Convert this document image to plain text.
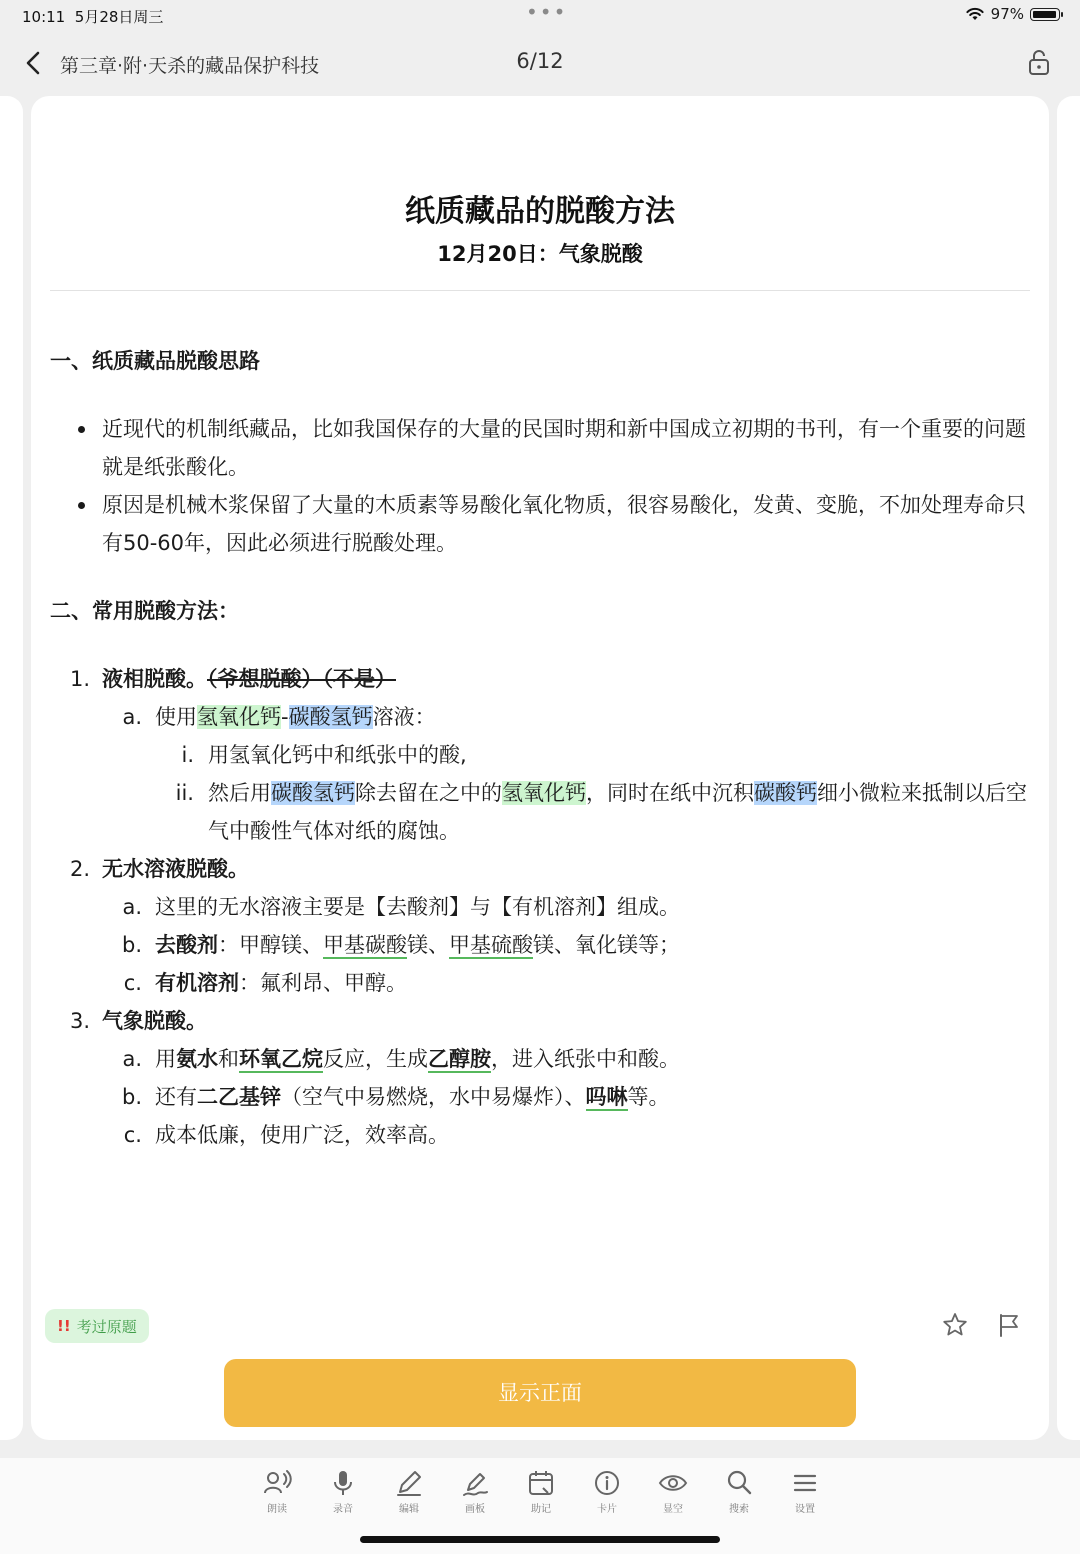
10:11 5月28日周三	•••	97%
第三章·附·天杀的藏品保护科技	6/12
纸质藏品的脱酸方法
12月20日：气象脱酸

一、纸质藏品脱酸思路

近现代的机制纸藏品，比如我国保存的大量的民国时期和新中国成立初期的书刊，有一个重要的问题就是纸张酸化。
原因是机械木浆保留了大量的木质素等易酸化氧化物质，很容易酸化，发黄、变脆，不加处理寿命只有50-60年，因此必须进行脱酸处理。

二、常用脱酸方法：

1. 液相脱酸。（爷想脱酸）（不是）
a. 使用氢氧化钙-碳酸氢钙溶液：
i. 用氢氧化钙中和纸张中的酸,
ii. 然后用碳酸氢钙除去留在之中的氢氧化钙，同时在纸中沉积碳酸钙细小微粒来抵制以后空气中酸性气体对纸的腐蚀。
2. 无水溶液脱酸。
a. 这里的无水溶液主要是【去酸剂】与【有机溶剂】组成。
b. 去酸剂：甲醇镁、甲基碳酸镁、甲基硫酸镁、氧化镁等；
c. 有机溶剂：氟利昂、甲醇。
3. 气象脱酸。
a. 用氨水和环氧乙烷反应，生成乙醇胺，进入纸张中和酸。
b. 还有二乙基锌（空气中易燃烧，水中易爆炸）、吗啉等。
c. 成本低廉，使用广泛，效率高。
!! 考过原题
显示正面
朗读	录音	编辑	画板	助记	卡片	显空	搜索	设置
